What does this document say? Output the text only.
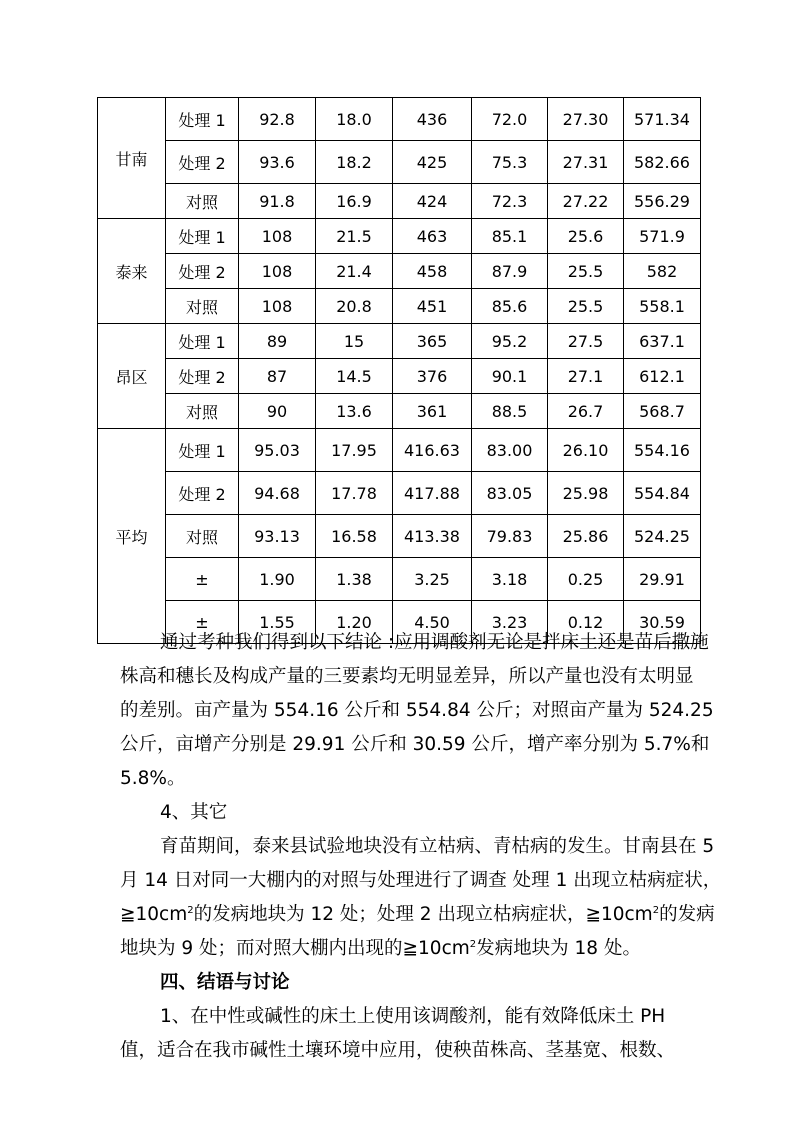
甘南	处理 1	92.8	18.0	436	72.0	27.30	571.34
	处理 2	93.6	18.2	425	75.3	27.31	582.66
	对照	91.8	16.9	424	72.3	27.22	556.29
泰来	处理 1	108	21.5	463	85.1	25.6	571.9
	处理 2	108	21.4	458	87.9	25.5	582
	对照	108	20.8	451	85.6	25.5	558.1
昂区	处理 1	89	15	365	95.2	27.5	637.1
	处理 2	87	14.5	376	90.1	27.1	612.1
	对照	90	13.6	361	88.5	26.7	568.7
平均	处理 1	95.03	17.95	416.63	83.00	26.10	554.16
	处理 2	94.68	17.78	417.88	83.05	25.98	554.84
	对照	93.13	16.58	413.38	79.83	25.86	524.25
	±	1.90	1.38	3.25	3.18	0.25	29.91
	±	1.55	1.20	4.50	3.23	0.12	30.59
通过考种我们得到以下结论 :应用调酸剂无论是拌床土还是苗后撒施
株高和穗长及构成产量的三要素均无明显差异，所以产量也没有太明显
的差别。亩产量为 554.16 公斤和 554.84 公斤；对照亩产量为 524.25
公斤，亩增产分别是 29.91 公斤和 30.59 公斤，增产率分别为 5.7%和
5.8%。
4、其它
育苗期间，泰来县试验地块没有立枯病、青枯病的发生。甘南县在 5
月 14 日对同一大棚内的对照与处理进行了调查 处理 1 出现立枯病症状，
$≧10cm^2$的发病地块为 12 处；处理 2 出现立枯病症状，$≧10cm^2$的发病
地块为 9 处；而对照大棚内出现的$≧10cm^2$发病地块为 18 处。
四、结语与讨论
1、在中性或碱性的床土上使用该调酸剂，能有效降低床土 PH
值，适合在我市碱性土壤环境中应用，使秧苗株高、茎基宽、根数、
